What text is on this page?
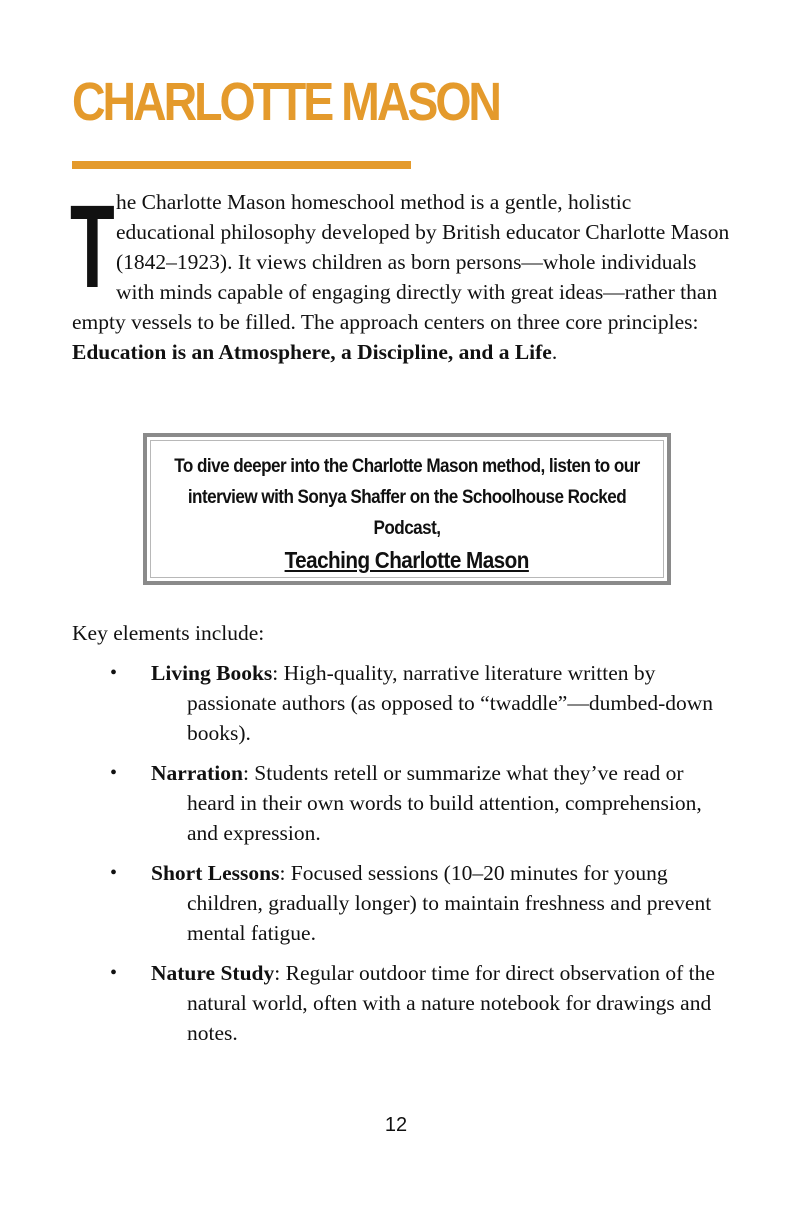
CHARLOTTE MASON

The Charlotte Mason homeschool method is a gentle, holistic educational philosophy developed by British educator Charlotte Mason (1842–1923). It views children as born persons—whole individuals with minds capable of engaging directly with great ideas—rather than empty vessels to be filled. The approach centers on three core principles: Education is an Atmosphere, a Discipline, and a Life.

To dive deeper into the Charlotte Mason method, listen to our interview with Sonya Shaffer on the Schoolhouse Rocked Podcast,
Teaching Charlotte Mason

Key elements include:

• Living Books: High-quality, narrative literature written by passionate authors (as opposed to “twaddle”—dumbed-down books).
• Narration: Students retell or summarize what they’ve read or heard in their own words to build attention, comprehension, and expression.
• Short Lessons: Focused sessions (10–20 minutes for young children, gradually longer) to maintain freshness and prevent mental fatigue.
• Nature Study: Regular outdoor time for direct observation of the natural world, often with a nature notebook for drawings and notes.
12
